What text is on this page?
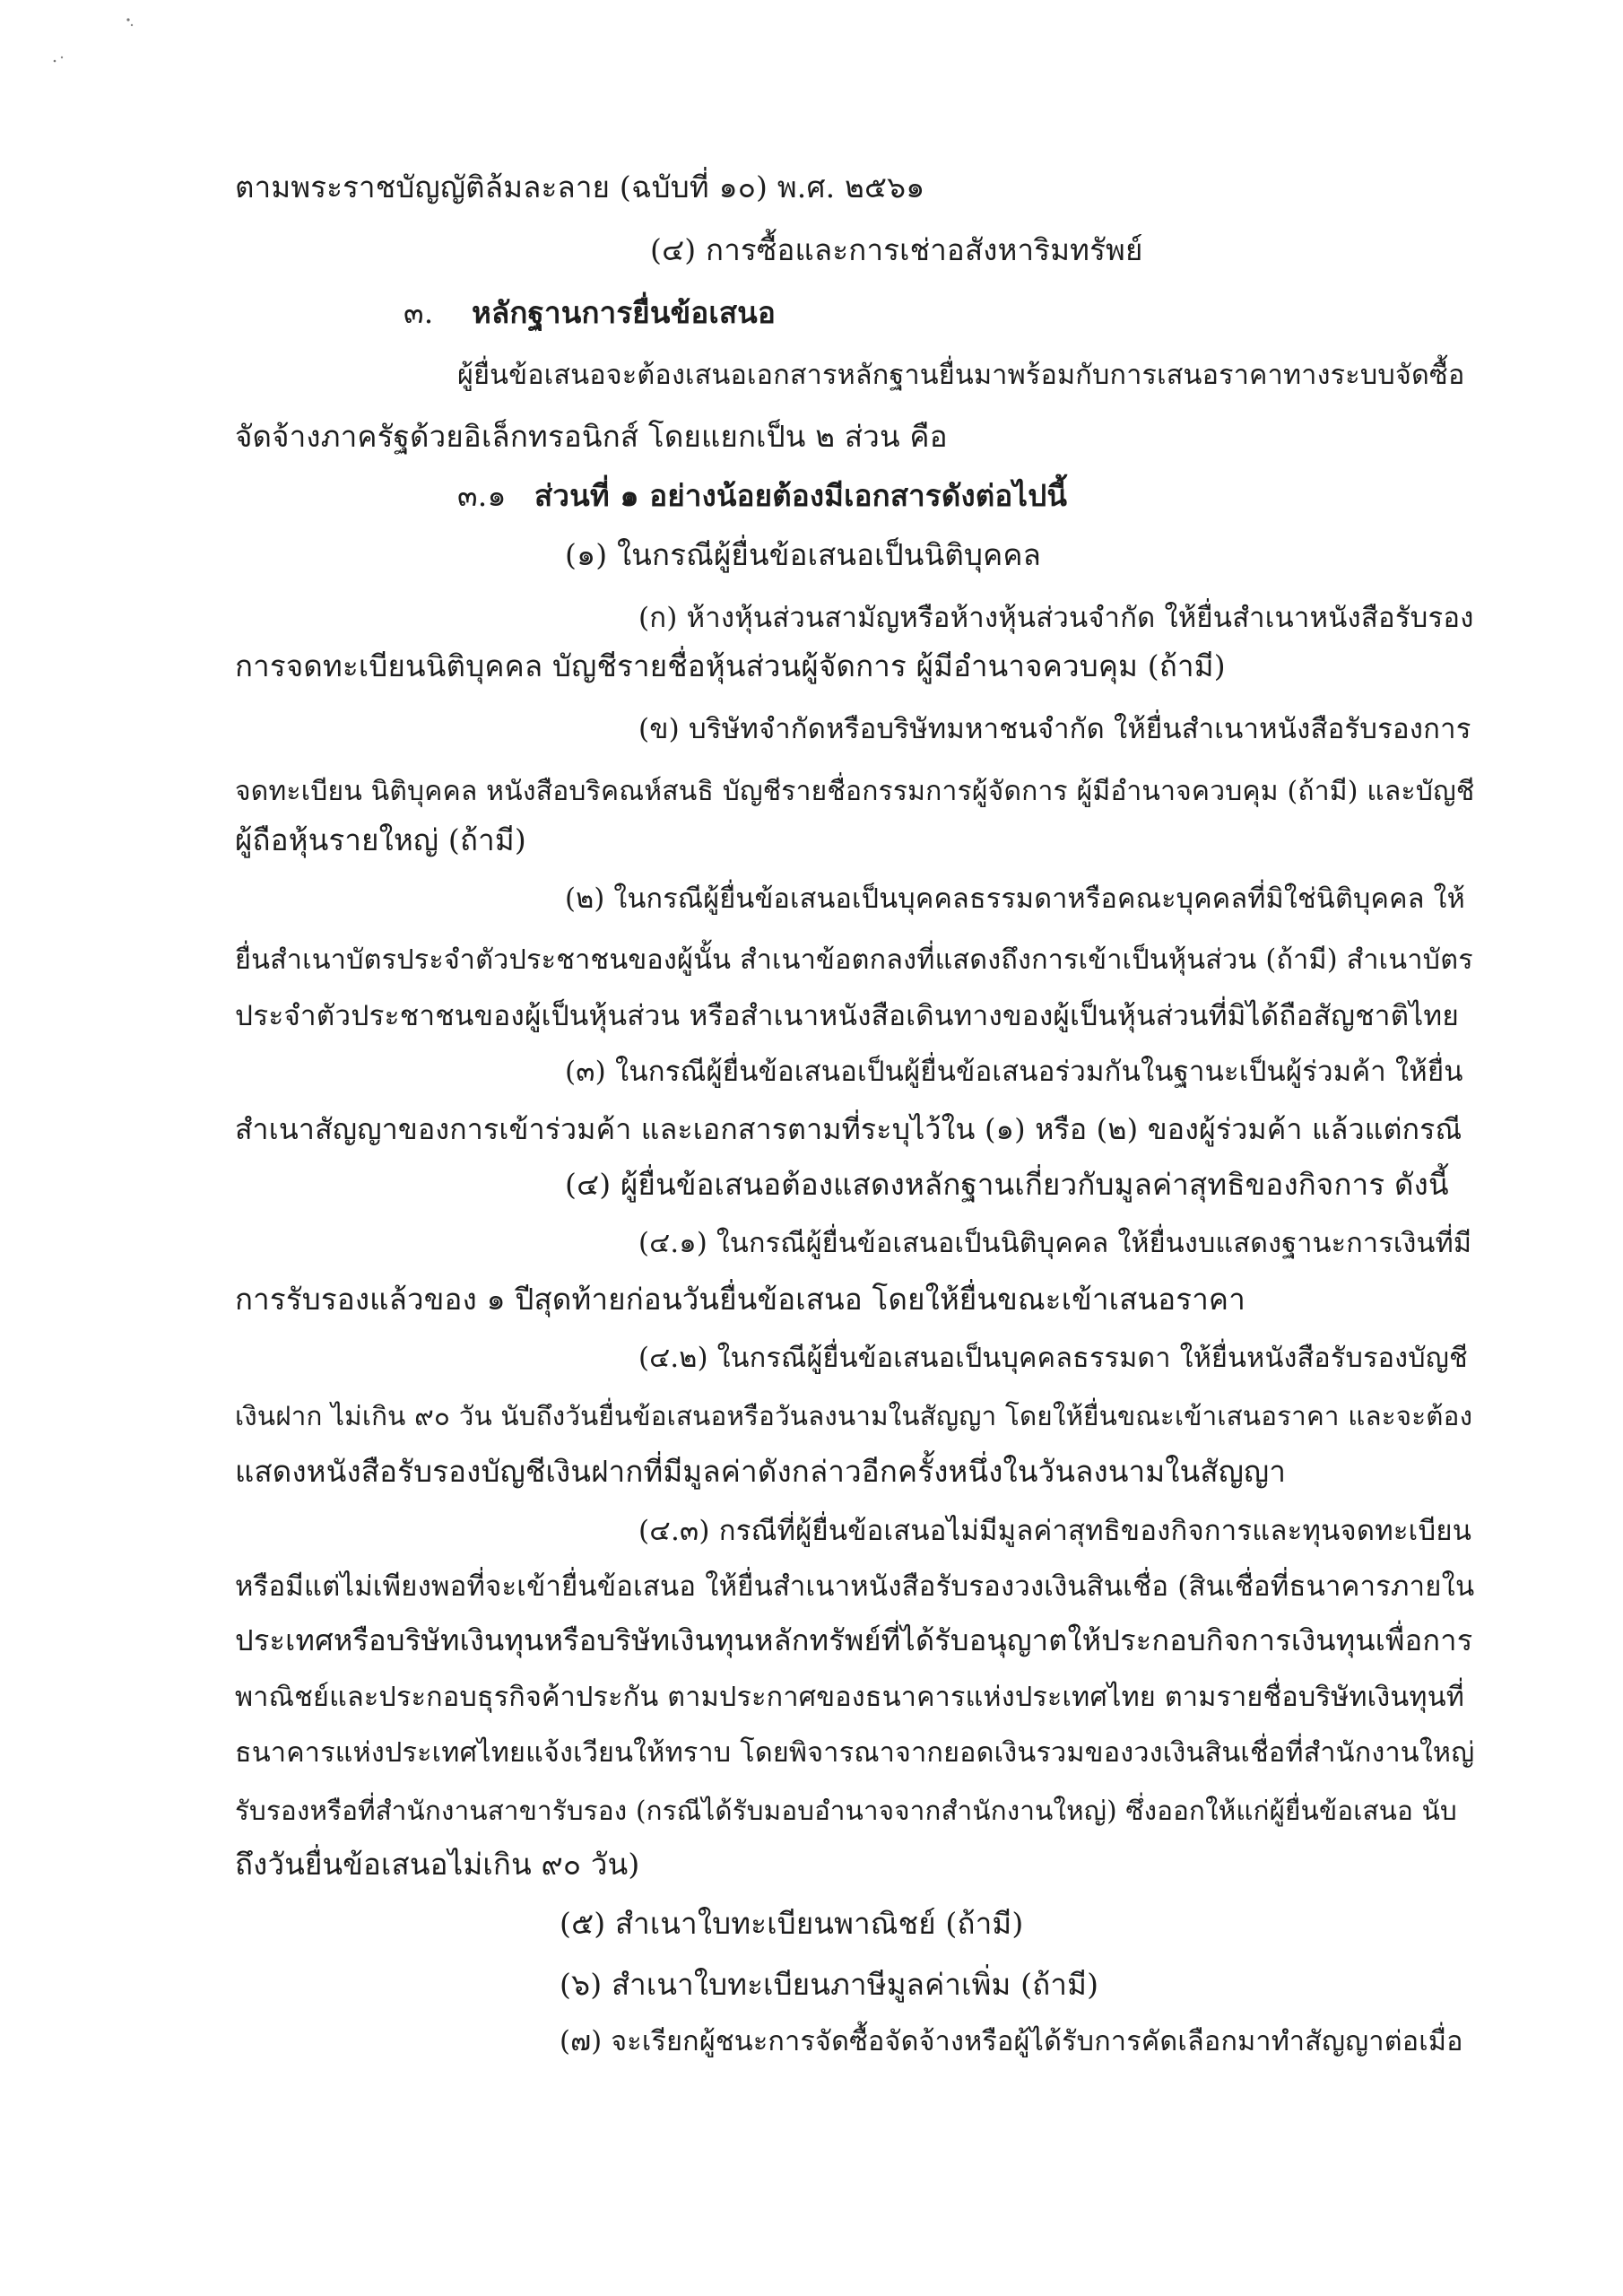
ตามพระราชบัญญัติล้มละลาย (ฉบับที่ ๑๐) พ.ศ. ๒๕๖๑
(๔) การซื้อและการเช่าอสังหาริมทรัพย์
๓. หลักฐานการยื่นข้อเสนอ
ผู้ยื่นข้อเสนอจะต้องเสนอเอกสารหลักฐานยื่นมาพร้อมกับการเสนอราคาทางระบบจัดซื้อ
จัดจ้างภาครัฐด้วยอิเล็กทรอนิกส์ โดยแยกเป็น ๒ ส่วน คือ
๓.๑ ส่วนที่ ๑ อย่างน้อยต้องมีเอกสารดังต่อไปนี้
(๑) ในกรณีผู้ยื่นข้อเสนอเป็นนิติบุคคล
(ก) ห้างหุ้นส่วนสามัญหรือห้างหุ้นส่วนจำกัด ให้ยื่นสำเนาหนังสือรับรอง
การจดทะเบียนนิติบุคคล บัญชีรายชื่อหุ้นส่วนผู้จัดการ ผู้มีอำนาจควบคุม (ถ้ามี)
(ข) บริษัทจำกัดหรือบริษัทมหาชนจำกัด ให้ยื่นสำเนาหนังสือรับรองการ
จดทะเบียน นิติบุคคล หนังสือบริคณห์สนธิ บัญชีรายชื่อกรรมการผู้จัดการ ผู้มีอำนาจควบคุม (ถ้ามี) และบัญชี
ผู้ถือหุ้นรายใหญ่ (ถ้ามี)
(๒) ในกรณีผู้ยื่นข้อเสนอเป็นบุคคลธรรมดาหรือคณะบุคคลที่มิใช่นิติบุคคล ให้
ยื่นสำเนาบัตรประจำตัวประชาชนของผู้นั้น สำเนาข้อตกลงที่แสดงถึงการเข้าเป็นหุ้นส่วน (ถ้ามี) สำเนาบัตร
ประจำตัวประชาชนของผู้เป็นหุ้นส่วน หรือสำเนาหนังสือเดินทางของผู้เป็นหุ้นส่วนที่มิได้ถือสัญชาติไทย
(๓) ในกรณีผู้ยื่นข้อเสนอเป็นผู้ยื่นข้อเสนอร่วมกันในฐานะเป็นผู้ร่วมค้า ให้ยื่น
สำเนาสัญญาของการเข้าร่วมค้า และเอกสารตามที่ระบุไว้ใน (๑) หรือ (๒) ของผู้ร่วมค้า แล้วแต่กรณี
(๔) ผู้ยื่นข้อเสนอต้องแสดงหลักฐานเกี่ยวกับมูลค่าสุทธิของกิจการ ดังนี้
(๔.๑) ในกรณีผู้ยื่นข้อเสนอเป็นนิติบุคคล ให้ยื่นงบแสดงฐานะการเงินที่มี
การรับรองแล้วของ ๑ ปีสุดท้ายก่อนวันยื่นข้อเสนอ โดยให้ยื่นขณะเข้าเสนอราคา
(๔.๒) ในกรณีผู้ยื่นข้อเสนอเป็นบุคคลธรรมดา ให้ยื่นหนังสือรับรองบัญชี
เงินฝาก ไม่เกิน ๙๐ วัน นับถึงวันยื่นข้อเสนอหรือวันลงนามในสัญญา โดยให้ยื่นขณะเข้าเสนอราคา และจะต้อง
แสดงหนังสือรับรองบัญชีเงินฝากที่มีมูลค่าดังกล่าวอีกครั้งหนึ่งในวันลงนามในสัญญา
(๔.๓) กรณีที่ผู้ยื่นข้อเสนอไม่มีมูลค่าสุทธิของกิจการและทุนจดทะเบียน
หรือมีแต่ไม่เพียงพอที่จะเข้ายื่นข้อเสนอ ให้ยื่นสำเนาหนังสือรับรองวงเงินสินเชื่อ (สินเชื่อที่ธนาคารภายใน
ประเทศหรือบริษัทเงินทุนหรือบริษัทเงินทุนหลักทรัพย์ที่ได้รับอนุญาตให้ประกอบกิจการเงินทุนเพื่อการ
พาณิชย์และประกอบธุรกิจค้าประกัน ตามประกาศของธนาคารแห่งประเทศไทย ตามรายชื่อบริษัทเงินทุนที่
ธนาคารแห่งประเทศไทยแจ้งเวียนให้ทราบ โดยพิจารณาจากยอดเงินรวมของวงเงินสินเชื่อที่สำนักงานใหญ่
รับรองหรือที่สำนักงานสาขารับรอง (กรณีได้รับมอบอำนาจจากสำนักงานใหญ่) ซึ่งออกให้แก่ผู้ยื่นข้อเสนอ นับ
ถึงวันยื่นข้อเสนอไม่เกิน ๙๐ วัน)
(๕) สำเนาใบทะเบียนพาณิชย์ (ถ้ามี)
(๖) สำเนาใบทะเบียนภาษีมูลค่าเพิ่ม (ถ้ามี)
(๗) จะเรียกผู้ชนะการจัดซื้อจัดจ้างหรือผู้ได้รับการคัดเลือกมาทำสัญญาต่อเมื่อ
